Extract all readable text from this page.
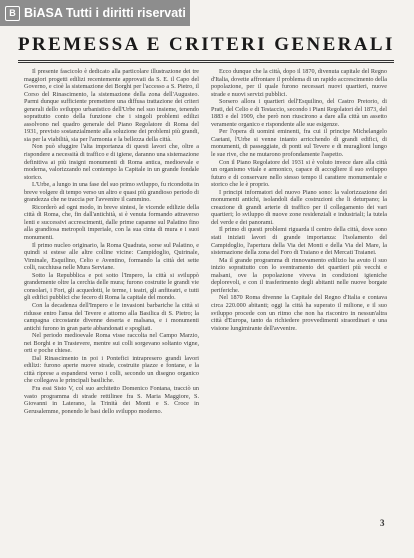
B BiASA Tutti i diritti riservati
PREMESSA E CRITERI GENERALI

Il presente fascicolo è dedicato alla particolare illustrazione dei tre maggiori progetti edilizi recentemente approvati da S. E. il Capo del Governo, e cioè la sistemazione dei Borghi per l'accesso a S. Pietro, il Corso del Rinascimento, la sistemazione della zona dell'Augusteo. Parmi dunque sufficiente premettere una diffusa trattazione dei criteri generali dello sviluppo urbanistico dell'Urbe nel suo insieme, tenendo soprattutto conto della funzione che i singoli problemi edilizi assolvono nel quadro generale del Piano Regolatore di Roma del 1931, previsto sostanzialmente alla soluzione dei problemi più grandi, sia per la viabilità, sia per l'armonia e la bellezza della città.

Non può sfuggire l'alta importanza di questi lavori che, oltre a rispondere a necessità di traffico e di igiene, daranno una sistemazione definitiva ai più insigni monumenti di Roma antica, medioevale e moderna, valorizzando nel contempo la Capitale in un grande fondale storico.

L'Urbe, a lungo in una fase del suo primo sviluppo, fu ricondotta in breve volgere di tempo verso un altro e quasi più grandioso periodo di grandezza che ne traccia per l'avvenire il cammino.

Ricorderò ad ogni modo, in breve sintesi, le vicende edilizie della città di Roma, che, fin dall'antichità, si è venuta formando attraverso lenti e successivi accrescimenti, dalle prime capanne sul Palatino fino alla grandiosa metropoli imperiale, con la sua cinta di mura e i suoi monumenti.

Il primo nucleo originario, la Roma Quadrata, sorse sul Palatino, e quindi si estese alle altre colline vicine: Campidoglio, Quirinale, Viminale, Esquilino, Celio e Aventino, formando la città dei sette colli, racchiusa nelle Mura Serviane.

Sotto la Repubblica e poi sotto l'Impero, la città si sviluppò grandemente oltre la cerchia delle mura; furono costruite le grandi vie consolari, i Fori, gli acquedotti, le terme, i teatri, gli anfiteatri, e tutti gli edifici pubblici che fecero di Roma la capitale del mondo.

Con la decadenza dell'Impero e le invasioni barbariche la città si ridusse entro l'ansa del Tevere e attorno alla Basilica di S. Pietro; la campagna circostante divenne deserta e malsana, e i monumenti antichi furono in gran parte abbandonati e spogliati.

Nel periodo medioevale Roma visse raccolta nel Campo Marzio, nei Borghi e in Trastevere, mentre sui colli sorgevano soltanto vigne, orti e poche chiese.

Dal Rinascimento in poi i Pontefici intrapresero grandi lavori edilizi: furono aperte nuove strade, costruite piazze e fontane, e la città riprese a espandersi verso i colli, secondo un disegno organico che collegava le principali basiliche.

Fra essi Sisto V, col suo architetto Domenico Fontana, tracciò un vasto programma di strade rettilinee fra S. Maria Maggiore, S. Giovanni in Laterano, la Trinità dei Monti e S. Croce in Gerusalemme, ponendo le basi dello sviluppo moderno.

Ecco dunque che la città, dopo il 1870, divenuta capitale del Regno d'Italia, dovette affrontare il problema di un rapido accrescimento della popolazione, per il quale furono necessari nuovi quartieri, nuove strade e nuovi servizi pubblici.

Sorsero allora i quartieri dell'Esquilino, del Castro Pretorio, di Prati, del Celio e di Testaccio, secondo i Piani Regolatori del 1873, del 1883 e del 1909, che però non riuscirono a dare alla città un assetto veramente organico e rispondente alle sue esigenze.

Per l'opera di uomini eminenti, fra cui il principe Michelangelo Caetani, l'Urbe si venne intanto arricchendo di grandi edifici, di monumenti, di passeggiate, di ponti sul Tevere e di muraglioni lungo le sue rive, che ne mutarono profondamente l'aspetto.

Con il Piano Regolatore del 1931 si è voluto invece dare alla città un organismo vitale e armonico, capace di accogliere il suo sviluppo futuro e di conservare nello stesso tempo il carattere monumentale e storico che le è proprio.

I principi informatori del nuovo Piano sono: la valorizzazione dei monumenti antichi, isolandoli dalle costruzioni che li deturpano; la creazione di grandi arterie di traffico per il collegamento dei vari quartieri; lo sviluppo di nuove zone residenziali e industriali; la tutela del verde e dei panorami.

Il primo di questi problemi riguarda il centro della città, dove sono stati iniziati lavori di grande importanza: l'isolamento del Campidoglio, l'apertura della Via dei Monti e della Via del Mare, la sistemazione della zona del Foro di Traiano e dei Mercati Traianei.

Ma il grande programma di rinnovamento edilizio ha avuto il suo inizio soprattutto con lo sventramento dei quartieri più vecchi e malsani, ove la popolazione viveva in condizioni igieniche deplorevoli, e con il trasferimento degli abitanti nelle nuove borgate periferiche.

Nel 1870 Roma divenne la Capitale del Regno d'Italia e contava circa 220.000 abitanti; oggi la città ha superato il milione, e il suo sviluppo procede con un ritmo che non ha riscontro in nessun'altra città d'Europa, tanto da richiedere provvedimenti straordinari e una visione lungimirante dell'avvenire.

3
